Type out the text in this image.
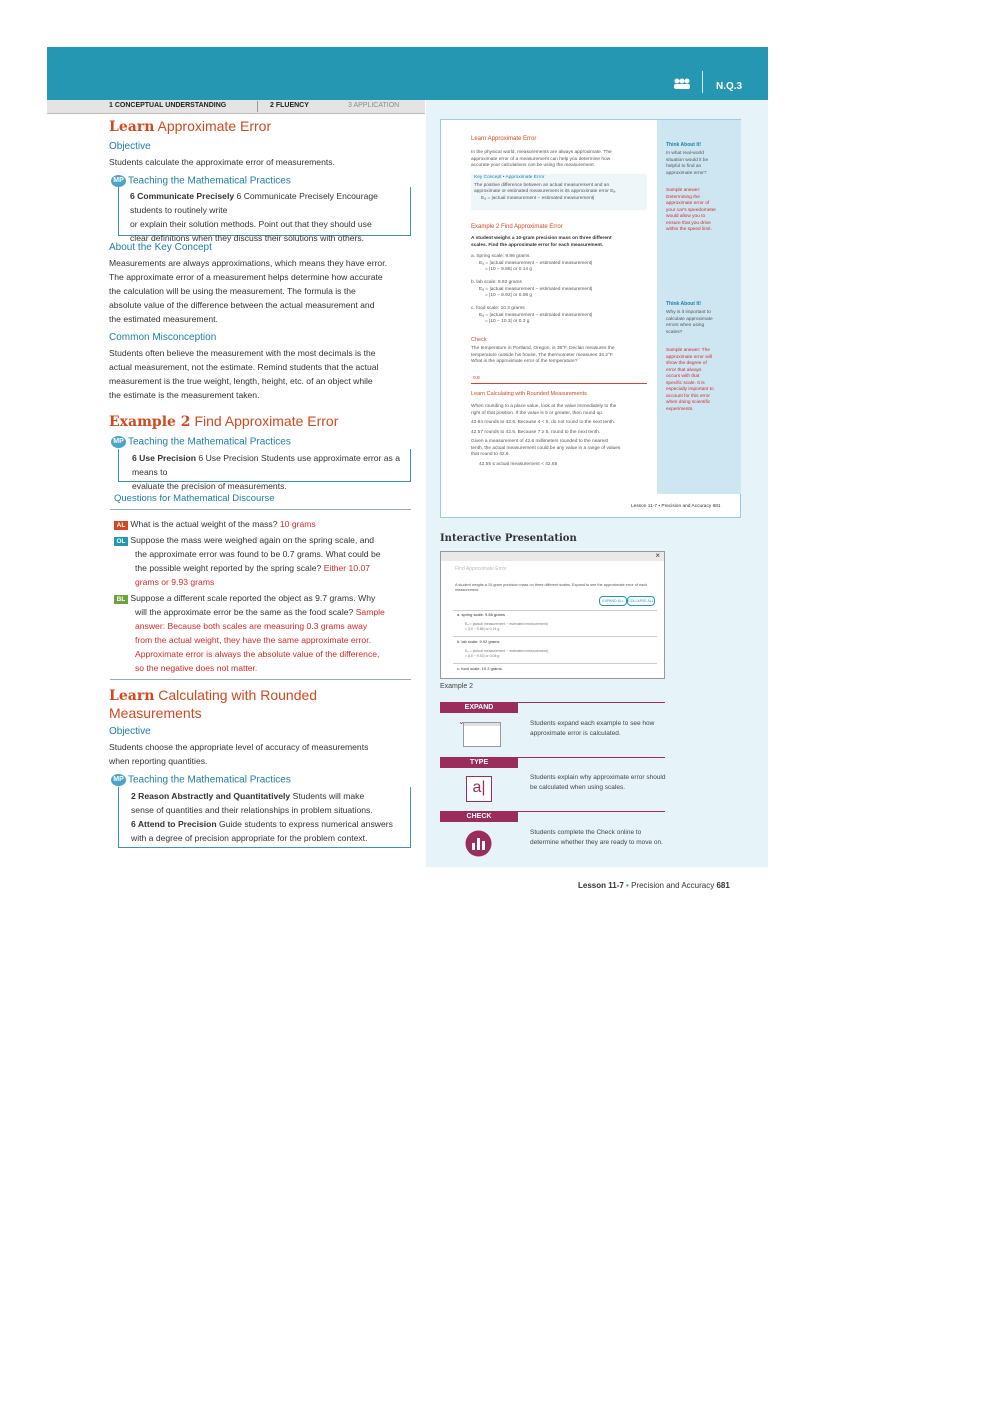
N.Q.3
1 CONCEPTUAL UNDERSTANDING	2 FLUENCY	3 APPLICATION
Learn Approximate Error
Objective
Students calculate the approximate error of measurements.
MP Teaching the Mathematical Practices
6 Communicate Precisely 6 Communicate Precisely Encourage students to routinely write
or explain their solution methods. Point out that they should use
clear definitions when they discuss their solutions with others.
About the Key Concept
Measurements are always approximations, which means they have error.
The approximate error of a measurement helps determine how accurate
the calculation will be using the measurement. The formula is the
absolute value of the difference between the actual measurement and
the estimated measurement.
Common Misconception
Students often believe the measurement with the most decimals is the
actual measurement, not the estimate. Remind students that the actual
measurement is the true weight, length, height, etc. of an object while
the estimate is the measurement taken.
Example 2 Find Approximate Error
MP Teaching the Mathematical Practices
6 Use Precision 6 Use Precision Students use approximate error as a means to
evaluate the precision of measurements.
Questions for Mathematical Discourse
AL What is the actual weight of the mass? 10 grams
OL Suppose the mass were weighed again on the spring scale, and
the approximate error was found to be 0.7 grams. What could be
the possible weight reported by the spring scale? Either 10.07
grams or 9.93 grams
BL Suppose a different scale reported the object as 9.7 grams. Why
will the approximate error be the same as the food scale? Sample
answer: Because both scales are measuring 0.3 grams away
from the actual weight, they have the same approximate error.
Approximate error is always the absolute value of the difference,
so the negative does not matter.
Learn Calculating with Rounded
Measurements
Objective
Students choose the appropriate level of accuracy of measurements
when reporting quantities.
MP Teaching the Mathematical Practices
2 Reason Abstractly and Quantitatively Students will make
sense of quantities and their relationships in problem situations.
6 Attend to Precision Guide students to express numerical answers
with a degree of precision appropriate for the problem context.
Learn Approximate Error
In the physical world, measurements are always approximate. The
approximate error of a measurement can help you determine how
accurate your calculations can be using the measurement.
Key Concept • Approximate Error
The positive difference between an actual measurement and an
approximate or estimated measurement is its approximate error Eₐ.
Eₐ = |actual measurement − estimated measurement|
Example 2 Find Approximate Error
A student weighs a 10-gram precision mass on three different
scales. Find the approximate error for each measurement.
a. Spring scale: 9.86 grams
Eₐ = |actual measurement − estimated measurement|
= |10 − 9.86| or 0.14 g
b. lab scale: 9.92 grams
Eₐ = |actual measurement − estimated measurement|
= |10 − 9.92| or 0.08 g
c. food scale: 10.3 grams
Eₐ = |actual measurement − estimated measurement|
= |10 − 10.3| or 0.3 g
Check
The temperature in Portland, Oregon, is 35°F. Declan measures the
temperature outside his house. The thermometer measures 34.2°F.
What is the approximate error of the temperature?
0.8
Learn Calculating with Rounded Measurements
When rounding to a place value, look at the value immediately to the
right of that position. If the value is 5 or greater, then round up.
42.64 rounds to 42.6. Because 4 < 5, do not round to the next tenth.
42.57 rounds to 42.6. Because 7 ≥ 5, round to the next tenth.
Given a measurement of 42.6 millimeters rounded to the nearest
tenth, the actual measurement could be any value in a range of values
that round to 42.6.
42.55 ≤ actual measurement < 42.65
Think About It!
In what real-world
situation would it be
helpful to find an
approximate error?
Sample answer:
Determining the
approximate error of
your car's speedometer
would allow you to
ensure that you drive
within the speed limit.
Think About It!
Why is it important to
calculate approximate
errors when using
scales?
Sample answer: The
approximate error will
show the degree of
error that always
occurs with that
specific scale. It is
especially important to
account for this error
when doing scientific
experiments.
Lesson 11-7 • Precision and Accuracy 681
Interactive Presentation
×
Find Approximate Error
A student weighs a 10-gram precision mass on three different scales. Expand to see the approximate error of each measurement.
EXPAND ALL	COLLAPSE ALL
a. spring scale: 9.86 grams
Eₐ = |actual measurement − estimated measurement|
= |10 − 9.86| or 0.14 g
b. lab scale: 9.92 grams
Eₐ = |actual measurement − estimated measurement|
= |10 − 9.92| or 0.08 g
c. food scale: 10.3 grams
Example 2
EXPAND
⌄	Students expand each example to see how approximate error is calculated.
TYPE
a|
Students explain why approximate error should be calculated when using scales.
CHECK
Students complete the Check online to determine whether they are ready to move on.
Lesson 11-7 • Precision and Accuracy 681
